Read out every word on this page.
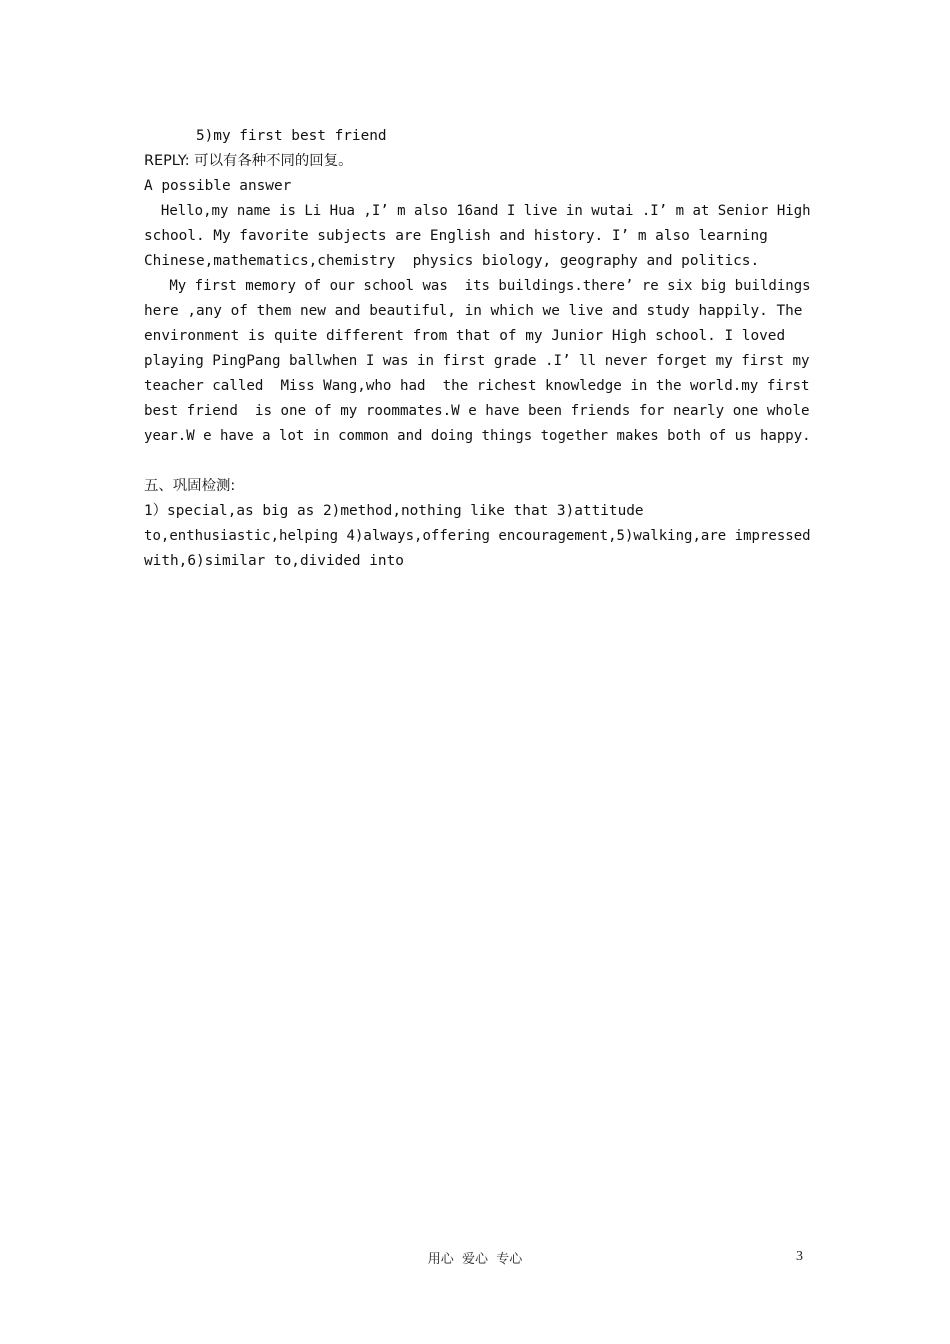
5)my first best friend
REPLY: 可以有各种不同的回复。
A possible answer
Hello,my name is Li Hua ,I’ m also 16and I live in wutai .I’ m at Senior High
school. My favorite subjects are English and history. I’ m also learning
Chinese,mathematics,chemistry  physics biology, geography and politics.
My first memory of our school was  its buildings.there’ re six big buildings
here ,any of them new and beautiful, in which we live and study happily. The
environment is quite different from that of my Junior High school. I loved
playing PingPang ballwhen I was in first grade .I’ ll never forget my first my
teacher called  Miss Wang,who had  the richest knowledge in the world.my first
best friend  is one of my roommates.W e have been friends for nearly one whole
year.W e have a lot in common and doing things together makes both of us happy.
五、巩固检测:
1）special,as big as 2)method,nothing like that 3)attitude
to,enthusiastic,helping 4)always,offering encouragement,5)walking,are impressed
with,6)similar to,divided into
用心  爱心  专心	3
